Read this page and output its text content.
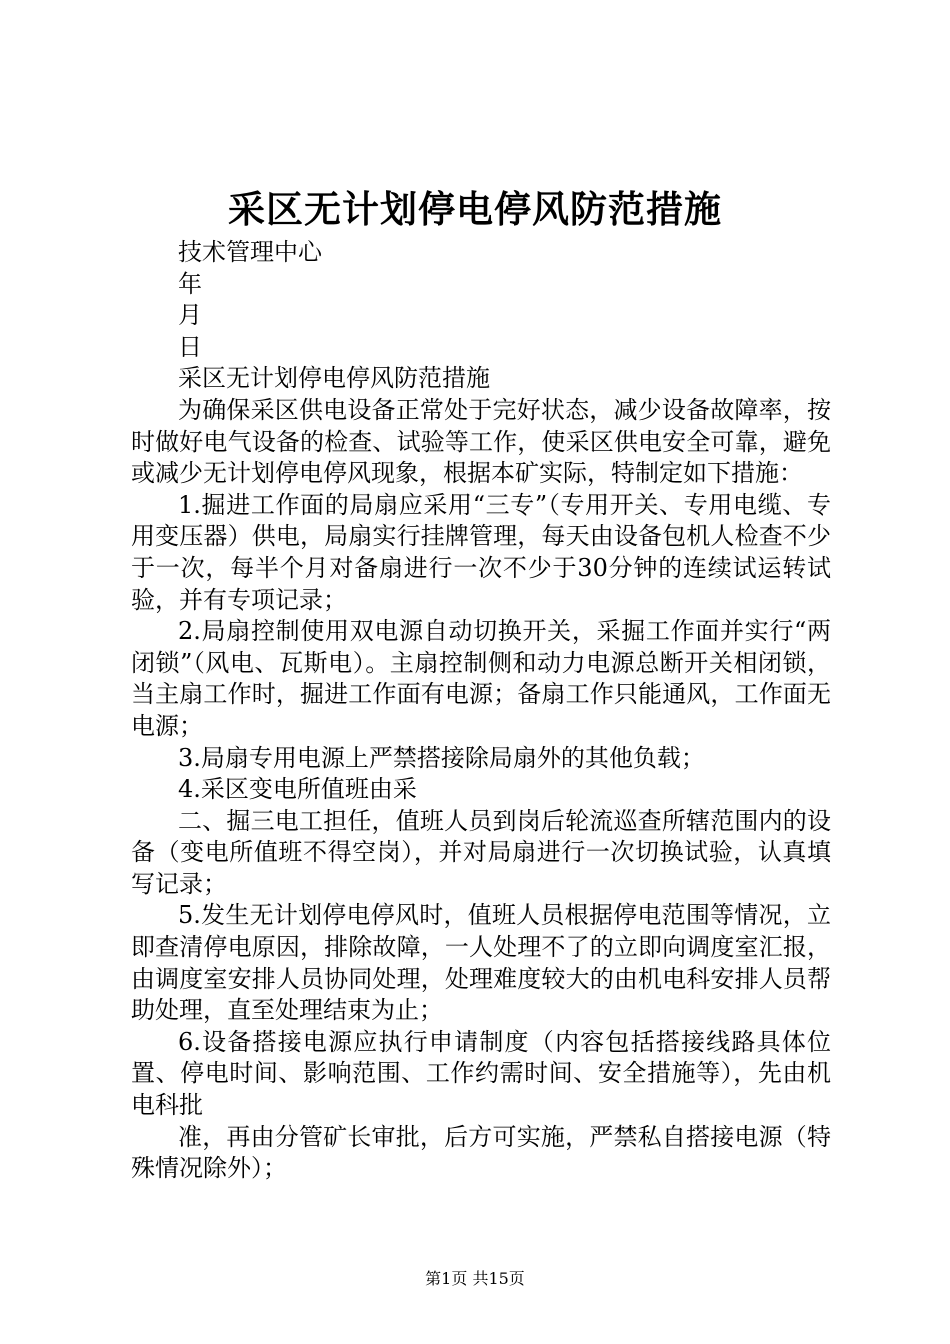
采区无计划停电停风防范措施

技术管理中心

年

月

日

采区无计划停电停风防范措施

为确保采区供电设备正常处于完好状态，减少设备故障率，按时做好电气设备的检查、试验等工作，使采区供电安全可靠，避免或减少无计划停电停风现象，根据本矿实际，特制定如下措施：

1.掘进工作面的局扇应采用“三专”（专用开关、专用电缆、专用变压器）供电，局扇实行挂牌管理，每天由设备包机人检查不少于一次，每半个月对备扇进行一次不少于30分钟的连续试运转试验，并有专项记录；

2.局扇控制使用双电源自动切换开关，采掘工作面并实行“两闭锁”（风电、瓦斯电）。主扇控制侧和动力电源总断开关相闭锁，当主扇工作时，掘进工作面有电源；备扇工作只能通风，工作面无电源；

3.局扇专用电源上严禁搭接除局扇外的其他负载；

4.采区变电所值班由采

二、掘三电工担任，值班人员到岗后轮流巡查所辖范围内的设备（变电所值班不得空岗），并对局扇进行一次切换试验，认真填写记录；

5.发生无计划停电停风时，值班人员根据停电范围等情况，立即查清停电原因，排除故障，一人处理不了的立即向调度室汇报，由调度室安排人员协同处理，处理难度较大的由机电科安排人员帮助处理，直至处理结束为止；

6.设备搭接电源应执行申请制度（内容包括搭接线路具体位置、停电时间、影响范围、工作约需时间、安全措施等），先由机电科批

准，再由分管矿长审批，后方可实施，严禁私自搭接电源（特殊情况除外）；

第1页 共15页
